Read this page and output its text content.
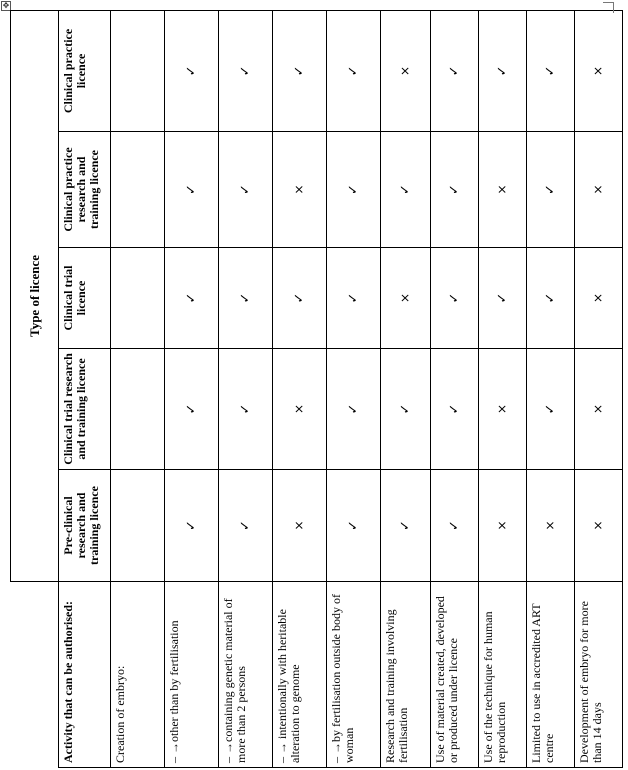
✥
	Type of licence				
Activity that can be authorised:	Pre-clinical research and training licence	Clinical trial research and training licence	Clinical trial licence	Clinical practice research and training licence	Clinical practice licence
Creation of embryo:					
– →other than by fertilisation	✓	✓	✓	✓	✓
– →containing genetic material of more than 2 persons	✓	✓	✓	✓	✓
– → intentionally with heritable alteration to genome	×	×	✓	×	✓
– →by fertilisation outside body of woman	✓	✓	✓	✓	✓
Research and training involving fertilisation	✓	✓	×	✓	×
Use of material created, developed or produced under licence	✓	✓	✓	✓	✓
Use of the technique for human reproduction	×	×	✓	×	✓
Limited to use in accredited ART centre	×	✓	✓	✓	✓
Development of embryo for more than 14 days	×	×	×	×	×
